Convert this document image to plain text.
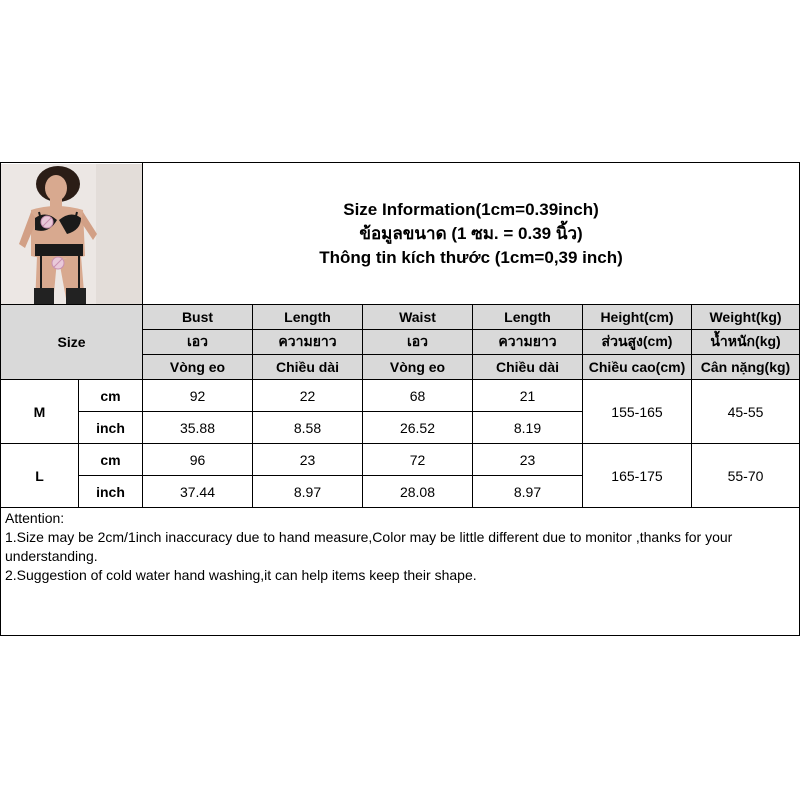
Size Information(1cm=0.39inch)
ข้อมูลขนาด (1 ซม. = 0.39 นิ้ว)
Thông tin kích thước (1cm=0,39 inch)					

Size		Bust	Length	Waist	Length	Height(cm)	Weight(kg)
		เอว	ความยาว	เอว	ความยาว	ส่วนสูง(cm)	น้ำหนัก(kg)
		Vòng eo	Chiều dài	Vòng eo	Chiều dài	Chiều cao(cm)	Cân nặng(kg)
M	cm	92	22	68	21	155-165	45-55
	inch	35.88	8.58	26.52	8.19		
L	cm	96	23	72	23	165-175	55-70
	inch	37.44	8.97	28.08	8.97		

Attention:
1.Size may be 2cm/1inch inaccuracy due to hand measure,Color may be little different due to monitor ,thanks for your understanding.
2.Suggestion of cold water hand washing,it can help items keep their shape.							
